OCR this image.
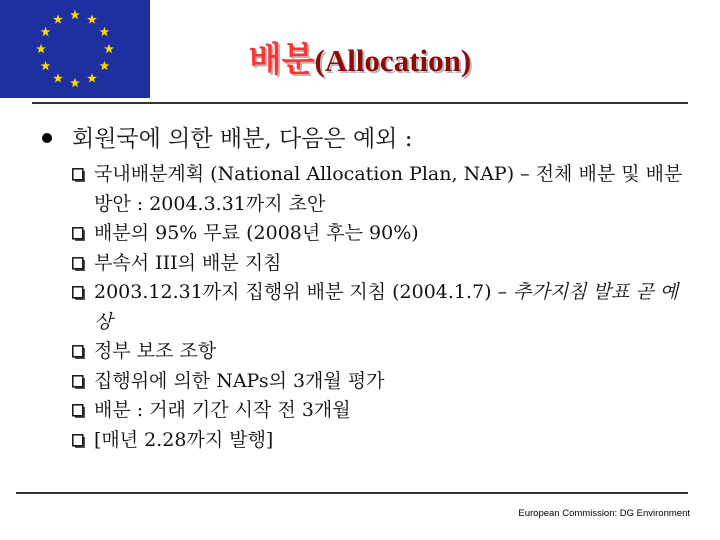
배분(Allocation)
회원국에 의한 배분, 다음은 예외 :
국내배분계획 (National Allocation Plan, NAP) – 전체 배분 및 배분 방안 : 2004.3.31까지 초안
배분의 95% 무료 (2008년 후는 90%)
부속서 III의 배분 지침
2003.12.31까지 집행위 배분 지침 (2004.1.7) – 추가지침 발표 곧 예상
정부 보조 조항
집행위에 의한 NAPs의 3개월 평가
배분 : 거래 기간 시작 전 3개월
[매년 2.28까지 발행]
European Commission: DG Environment
